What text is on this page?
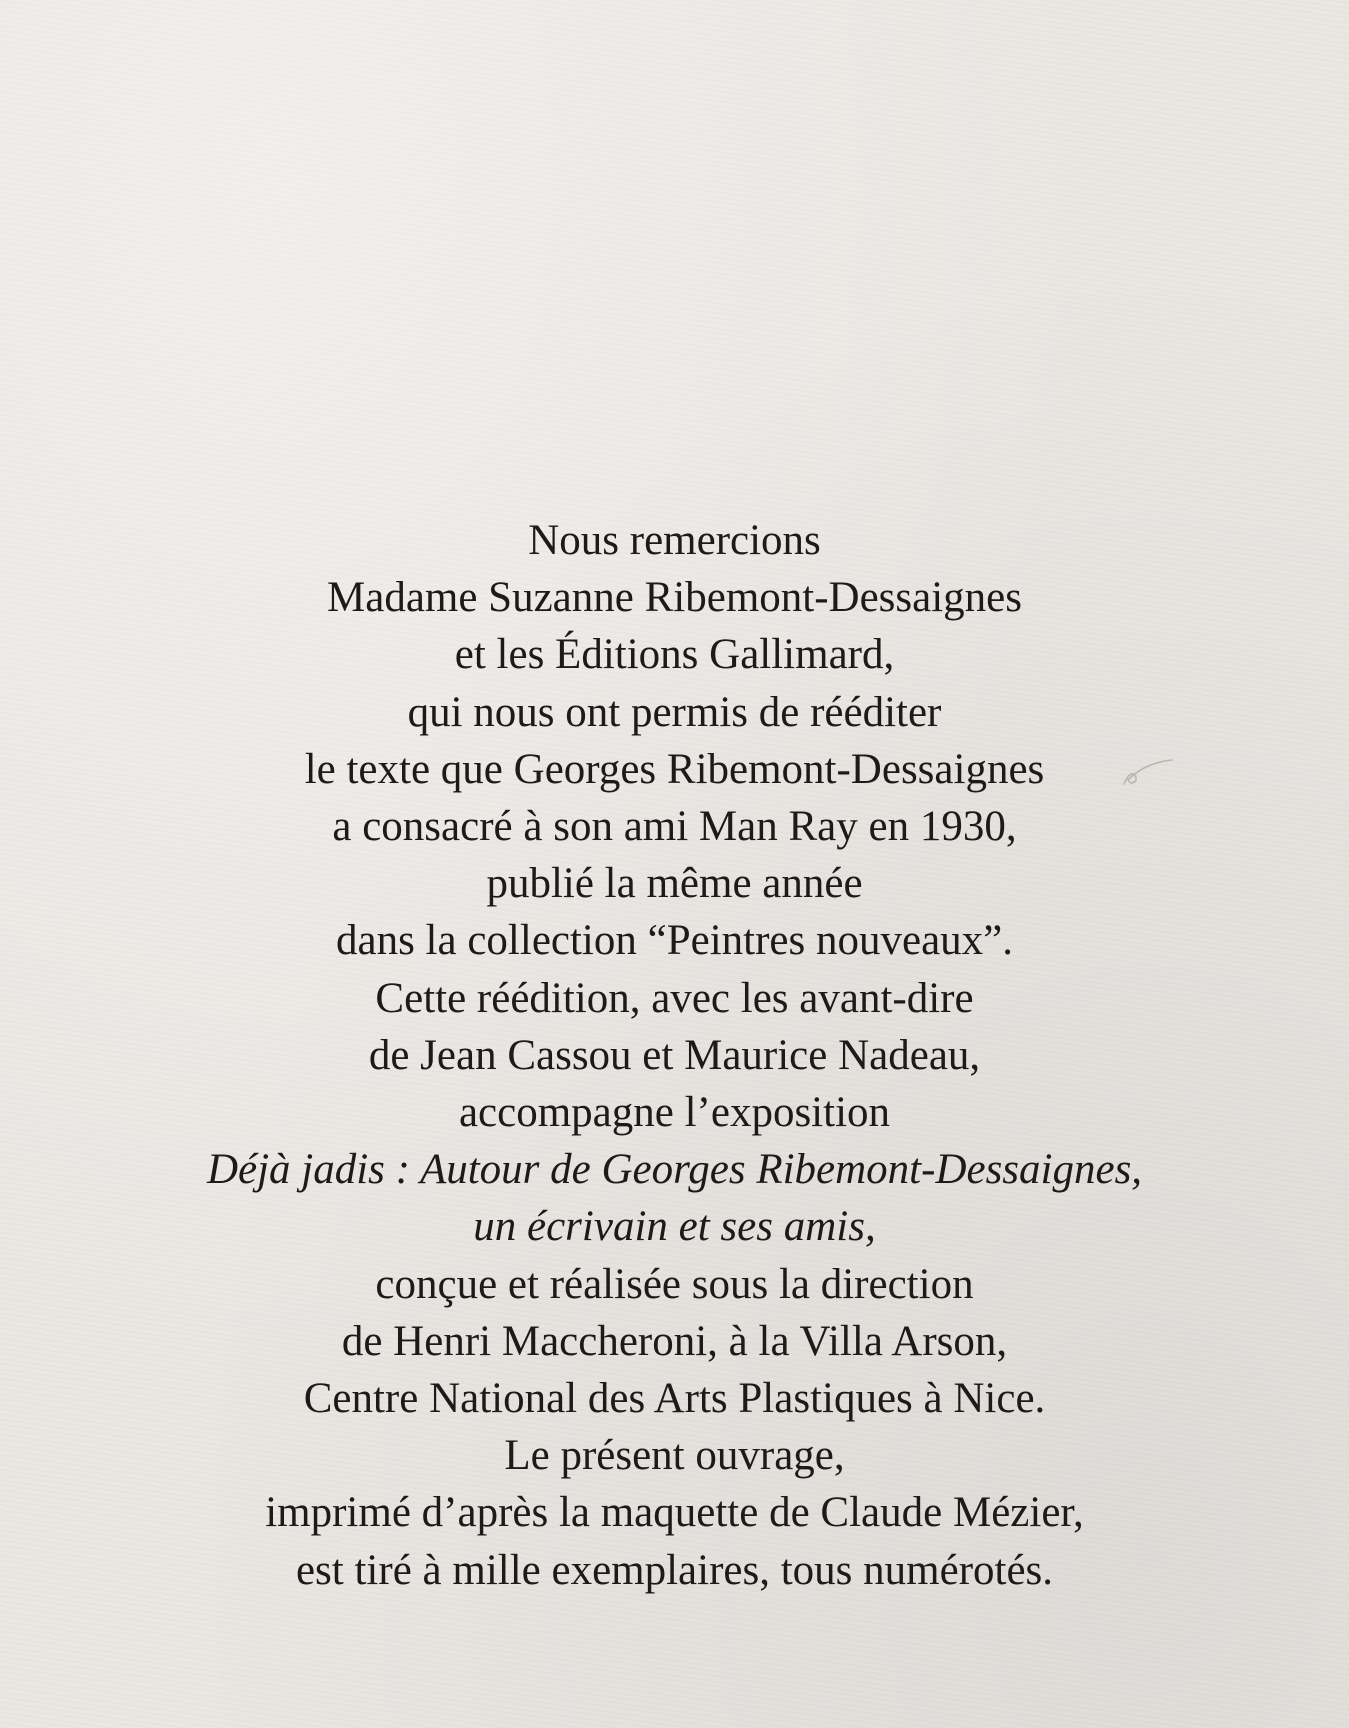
Nous remercions
Madame Suzanne Ribemont-Dessaignes
et les Éditions Gallimard,
qui nous ont permis de rééditer
le texte que Georges Ribemont-Dessaignes
a consacré à son ami Man Ray en 1930,
publié la même année
dans la collection “Peintres nouveaux”.
Cette réédition, avec les avant-dire
de Jean Cassou et Maurice Nadeau,
accompagne l’exposition
Déjà jadis : Autour de Georges Ribemont-Dessaignes,
un écrivain et ses amis,
conçue et réalisée sous la direction
de Henri Maccheroni, à la Villa Arson,
Centre National des Arts Plastiques à Nice.
Le présent ouvrage,
imprimé d’après la maquette de Claude Mézier,
est tiré à mille exemplaires, tous numérotés.
